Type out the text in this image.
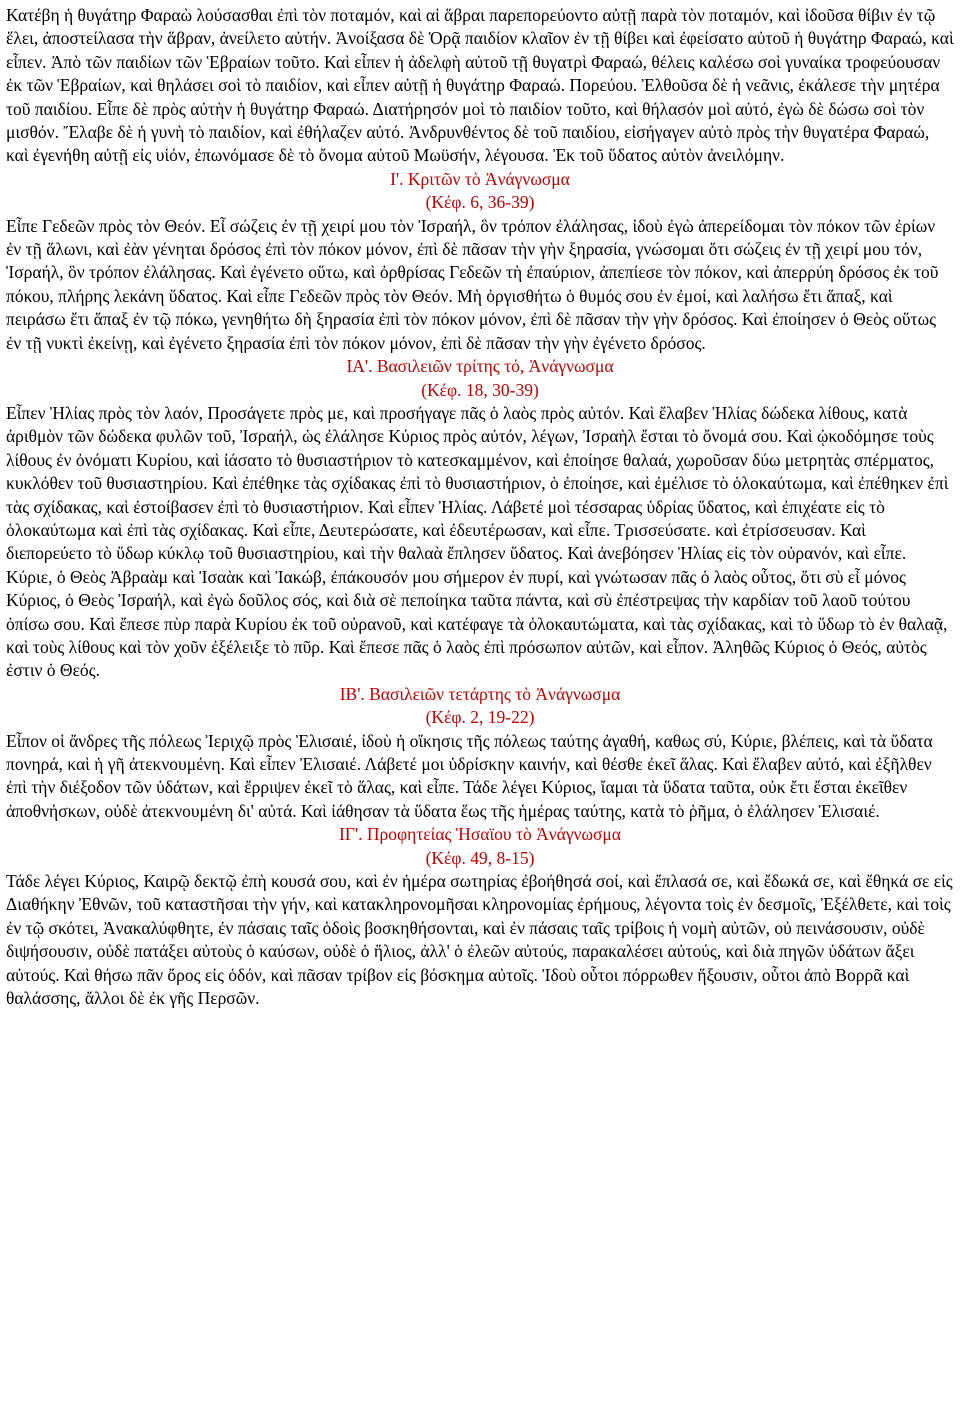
Κατέβη ἡ θυγάτηρ Φαραὼ λούσασθαι ἐπὶ τὸν ποταμόν, καὶ αἱ ἅβραι παρεπορεύοντο αὐτῇ παρὰ τὸν ποταμόν, καὶ ἰδοῦσα θίβιν ἐν τῷ ἕλει, ἀποστείλασα τὴν ἅβραν, ἀνείλετο αὐτήν. Ἀνοίξασα δὲ Ὁρᾷ παιδίον κλαῖον ἐν τῇ θίβει καὶ ἐφείσατο αὐτοῦ ἡ θυγάτηρ Φαραώ, καὶ εἶπεν. Ἀπὸ τῶν παιδίων τῶν Ἑβραίων τοῦτο. Καὶ εἶπεν ἡ ἀδελφὴ αὐτοῦ τῇ θυγατρὶ Φαραώ, θέλεις καλέσω σοὶ γυναίκα τροφεύουσαν ἐκ τῶν Ἑβραίων, καὶ θηλάσει σοὶ τὸ παιδίον, καὶ εἶπεν αὐτῇ ἡ θυγάτηρ Φαραώ. Πορεύου. Ἐλθοῦσα δὲ ἡ νεᾶνις, ἐκάλεσε τὴν μητέρα τοῦ παιδίου. Εἶπε δὲ πρὸς αὐτὴν ἡ θυγάτηρ Φαραώ. Διατήρησόν μοὶ τὸ παιδίον τοῦτο, καὶ θήλασόν μοὶ αὐτό, ἐγὼ δὲ δώσω σοὶ τὸν μισθόν. Ἔλαβε δὲ ἡ γυνὴ τὸ παιδίον, καὶ ἐθήλαζεν αὐτό. Ἀνδρυνθέντος δὲ τοῦ παιδίου, εἰσήγαγεν αὐτὸ πρὸς τὴν θυγατέρα Φαραώ, καὶ ἐγενήθη αὐτῇ εἰς υἱόν, ἐπωνόμασε δὲ τὸ ὄνομα αὐτοῦ Μωϋσήν, λέγουσα. Ἐκ τοῦ ὕδατος αὐτὸν ἀνειλόμην.

Ι'. Κριτῶν τὸ Ἀνάγνωσμα

(Κέφ. 6, 36-39)

Εἶπε Γεδεῶν πρὸς τὸν Θεόν. Εἶ σώζεις ἐν τῇ χειρί μου τὸν Ἰσραήλ, ὃν τρόπον ἐλάλησας, ἰδοὺ ἐγὼ ἀπερείδομαι τὸν πόκον τῶν ἐρίων ἐν τῇ ἅλωνι, καὶ ἐὰν γένηται δρόσος ἐπὶ τὸν πόκον μόνον, ἐπὶ δὲ πᾶσαν τὴν γὴν ξηρασία, γνώσομαι ὅτι σώζεις ἐν τῇ χειρί μου τόν, Ἰσραήλ, ὃν τρόπον ἐλάλησας. Καὶ ἐγένετο οὕτω, καὶ ὀρθρίσας Γεδεῶν τὴ ἐπαύριον, ἀπεπίεσε τὸν πόκον, καὶ ἀπερρύη δρόσος ἐκ τοῦ πόκου, πλήρης λεκάνη ὕδατος. Καὶ εἶπε Γεδεῶν πρὸς τὸν Θεόν. Μὴ ὀργισθήτω ὁ θυμός σου ἐν ἐμοί, καὶ λαλήσω ἔτι ἅπαξ, καὶ πειράσω ἔτι ἅπαξ ἐν τῷ πόκω, γενηθήτω δὴ ξηρασία ἐπὶ τὸν πόκον μόνον, ἐπὶ δὲ πᾶσαν τὴν γὴν δρόσος. Καὶ ἐποίησεν ὁ Θεὸς οὕτως ἐν τῇ νυκτὶ ἐκείνῃ, καὶ ἐγένετο ξηρασία ἐπὶ τὸν πόκον μόνον, ἐπὶ δὲ πᾶσαν τὴν γὴν ἐγένετο δρόσος.

ΙΑ'. Βασιλειῶν τρίτης τό, Ἀνάγνωσμα

(Κέφ. 18, 30-39)

Εἶπεν Ἠλίας πρὸς τὸν λαόν, Προσάγετε πρὸς με, καὶ προσήγαγε πᾶς ὁ λαὸς πρὸς αὐτόν. Καὶ ἔλαβεν Ἠλίας δώδεκα λίθους, κατὰ ἀριθμὸν τῶν δώδεκα φυλῶν τοῦ, Ἰσραήλ, ὡς ἐλάλησε Κύριος πρὸς αὐτόν, λέγων, Ἰσραὴλ ἔσται τὸ ὄνομά σου. Καὶ ᾠκοδόμησε τοὺς λίθους ἐν ὀνόματι Κυρίου, καὶ ἰάσατο τὸ θυσιαστήριον τὸ κατεσκαμμένον, καὶ ἐποίησε θαλαά, χωροῦσαν δύω μετρητὰς σπέρματος, κυκλόθεν τοῦ θυσιαστηρίου. Καὶ ἐπέθηκε τὰς σχίδακας ἐπὶ τὸ θυσιαστήριον, ὁ ἐποίησε, καὶ ἐμέλισε τὸ ὁλοκαύτωμα, καὶ ἐπέθηκεν ἐπὶ τὰς σχίδακας, καὶ ἐστοίβασεν ἐπὶ τὸ θυσιαστήριον. Καὶ εἶπεν Ἠλίας. Λάβετέ μοὶ τέσσαρας ὑδρίας ὕδατος, καὶ ἐπιχέατε εἰς τὸ ὁλοκαύτωμα καὶ ἐπὶ τὰς σχίδακας. Καὶ εἶπε, Δευτερώσατε, καὶ ἐδευτέρωσαν, καὶ εἶπε. Τρισσεύσατε. καὶ ἐτρίσσευσαν. Καὶ διεπορεύετο τὸ ὕδωρ κύκλῳ τοῦ θυσιαστηρίου, καὶ τὴν θαλαὰ ἔπλησεν ὕδατος. Καὶ ἀνεβόησεν Ἠλίας εἰς τὸν οὐρανόν, καὶ εἶπε. Κύριε, ὁ Θεὸς Ἀβραὰμ καὶ Ἰσαὰκ καὶ Ἰακώβ, ἐπάκουσόν μου σήμερον ἐν πυρί, καὶ γνώτωσαν πᾶς ὁ λαὸς οὗτος, ὅτι σὺ εἶ μόνος Κύριος, ὁ Θεὸς Ἰσραήλ, καὶ ἐγὼ δοῦλος σός, καὶ διὰ σὲ πεποίηκα ταῦτα πάντα, καὶ σὺ ἐπέστρεψας τὴν καρδίαν τοῦ λαοῦ τούτου ὀπίσω σου. Καὶ ἔπεσε πὺρ παρὰ Κυρίου ἐκ τοῦ οὐρανοῦ, καὶ κατέφαγε τὰ ὁλοκαυτώματα, καὶ τὰς σχίδακας, καὶ τὸ ὕδωρ τὸ ἐν θαλαᾷ, καὶ τοὺς λίθους καὶ τὸν χοῦν ἐξέλειξε τὸ πῦρ. Καὶ ἔπεσε πᾶς ὁ λαὸς ἐπὶ πρόσωπον αὐτῶν, καὶ εἶπον. Ἀληθῶς Κύριος ὁ Θεός, αὐτὸς ἐστιν ὁ Θεός.

ΙΒ'. Βασιλειῶν τετάρτης τὸ Ἀνάγνωσμα

(Κέφ. 2, 19-22)

Εἶπον οἱ ἄνδρες τῆς πόλεως Ἰεριχῷ πρὸς Ἐλισαιέ, ἰδοὺ ἡ οἴκησις τῆς πόλεως ταύτης ἀγαθή, καθως σύ, Κύριε, βλέπεις, καὶ τὰ ὕδατα πονηρά, καὶ ἡ γῆ ἀτεκνουμένη. Καὶ εἶπεν Ἐλισαιέ. Λάβετέ μοι ὑδρίσκην καινήν, καὶ θέσθε ἐκεῖ ἅλας. Καὶ ἔλαβεν αὐτό, καὶ ἐξῆλθεν ἐπὶ τὴν διέξοδον τῶν ὑδάτων, καὶ ἔρριψεν ἐκεῖ τὸ ἅλας, καὶ εἶπε. Τάδε λέγει Κύριος, ἴαμαι τὰ ὕδατα ταῦτα, οὐκ ἔτι ἔσται ἐκεῖθεν ἀποθνήσκων, οὐδὲ ἀτεκνουμένη δι' αὐτά. Καὶ ἰάθησαν τὰ ὕδατα ἕως τῆς ἡμέρας ταύτης, κατὰ τὸ ῥῆμα, ὁ ἐλάλησεν Ἐλισαιέ.

ΙΓ'. Προφητείας Ἡσαϊου τὸ Ἀνάγνωσμα

(Κέφ. 49, 8-15)

Τάδε λέγει Κύριος, Καιρῷ δεκτῷ ἐπὴ κουσά σου, καὶ ἐν ἡμέρα σωτηρίας ἐβοήθησά σοί, καὶ ἔπλασά σε, καὶ ἔδωκά σε, καὶ ἔθηκά σε εἰς Διαθήκην Ἐθνῶν, τοῦ καταστῆσαι τὴν γήν, καὶ κατακληρονομῆσαι κληρονομίας ἐρήμους, λέγοντα τοὶς ἐν δεσμοῖς, Ἐξέλθετε, καὶ τοὶς ἐν τῷ σκότει, Ἀνακαλύφθητε, ἐν πάσαις ταῖς ὁδοὶς βοσκηθήσονται, καὶ ἐν πάσαις ταῖς τρίβοις ἡ νομὴ αὐτῶν, οὐ πεινάσουσιν, οὐδὲ διψήσουσιν, οὐδὲ πατάξει αὐτοὺς ὁ καύσων, οὐδὲ ὁ ἥλιος, ἀλλ' ὁ ἐλεῶν αὐτούς, παρακαλέσει αὐτούς, καὶ διὰ πηγῶν ὑδάτων ἄξει αὐτούς. Καὶ θήσω πᾶν ὄρος εἰς ὁδόν, καὶ πᾶσαν τρίβον εἰς βόσκημα αὐτοῖς. Ἰδοὺ οὗτοι πόρρωθεν ἥξουσιν, οὗτοι ἀπὸ Βορρᾶ καὶ θαλάσσης, ἄλλοι δὲ ἐκ γῆς Περσῶν.
